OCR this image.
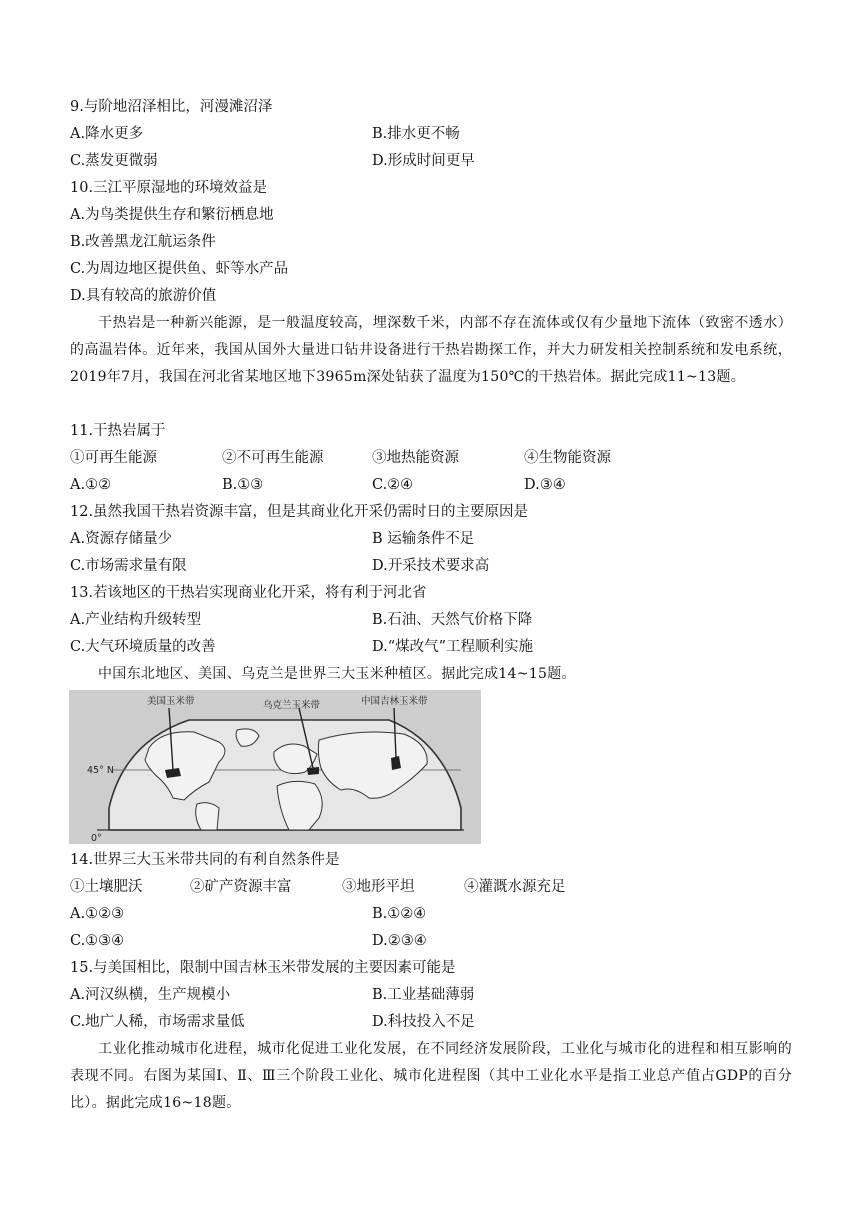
9.与阶地沼泽相比，河漫滩沼泽
A.降水更多	B.排水更不畅
C.蒸发更微弱	D.形成时间更早
10.三江平原湿地的环境效益是
A.为鸟类提供生存和繁衍栖息地
B.改善黑龙江航运条件
C.为周边地区提供鱼、虾等水产品
D.具有较高的旅游价值
干热岩是一种新兴能源，是一般温度较高，埋深数千米，内部不存在流体或仅有少量地下流体（致密不透水）的高温岩体。近年来，我国从国外大量进口钻井设备进行干热岩勘探工作，并大力研发相关控制系统和发电系统，2019年7月，我国在河北省某地区地下3965m深处钻获了温度为150℃的干热岩体。据此完成11~13题。
11.干热岩属于
①可再生能源	②不可再生能源	③地热能资源	④生物能资源
A.①②	B.①③	C.②④	D.③④
12.虽然我国干热岩资源丰富，但是其商业化开采仍需时日的主要原因是
A.资源存储量少	B 运输条件不足
C.市场需求量有限	D.开采技术要求高
13.若该地区的干热岩实现商业化开采，将有利于河北省
A.产业结构升级转型	B.石油、天然气价格下降
C.大气环境质量的改善	D.“煤改气”工程顺利实施
中国东北地区、美国、乌克兰是世界三大玉米种植区。据此完成14~15题。
美国玉米带	乌克兰玉米带	中国吉林玉米带
45° N
0°
14.世界三大玉米带共同的有利自然条件是
①土壤肥沃	②矿产资源丰富	③地形平坦	④灌溉水源充足
A.①②③	B.①②④
C.①③④	D.②③④
15.与美国相比，限制中国吉林玉米带发展的主要因素可能是
A.河汉纵横，生产规模小	B.工业基础薄弱
C.地广人稀，市场需求量低	D.科技投入不足
工业化推动城市化进程，城市化促进工业化发展，在不同经济发展阶段，工业化与城市化的进程和相互影响的表现不同。右图为某国Ⅰ、Ⅱ、Ⅲ三个阶段工业化、城市化进程图（其中工业化水平是指工业总产值占GDP的百分比）。据此完成16~18题。
